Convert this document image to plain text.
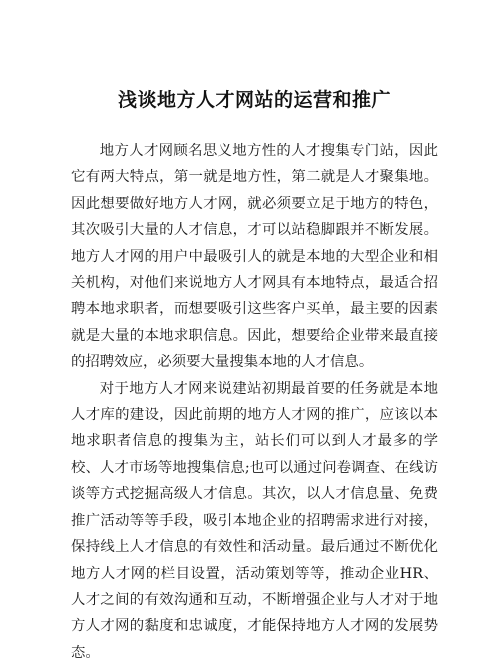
浅谈地方人才网站的运营和推广

地方人才网顾名思义地方性的人才搜集专门站，因此它有两大特点，第一就是地方性，第二就是人才聚集地。因此想要做好地方人才网，就必须要立足于地方的特色，其次吸引大量的人才信息，才可以站稳脚跟并不断发展。地方人才网的用户中最吸引人的就是本地的大型企业和相关机构，对他们来说地方人才网具有本地特点，最适合招聘本地求职者，而想要吸引这些客户买单，最主要的因素就是大量的本地求职信息。因此，想要给企业带来最直接的招聘效应，必须要大量搜集本地的人才信息。

对于地方人才网来说建站初期最首要的任务就是本地人才库的建设，因此前期的地方人才网的推广，应该以本地求职者信息的搜集为主，站长们可以到人才最多的学校、人才市场等地搜集信息;也可以通过问卷调查、在线访谈等方式挖掘高级人才信息。其次，以人才信息量、免费推广活动等等手段，吸引本地企业的招聘需求进行对接，保持线上人才信息的有效性和活动量。最后通过不断优化地方人才网的栏目设置，活动策划等等，推动企业HR、人才之间的有效沟通和互动，不断增强企业与人才对于地方人才网的黏度和忠诚度，才能保持地方人才网的发展势态。
